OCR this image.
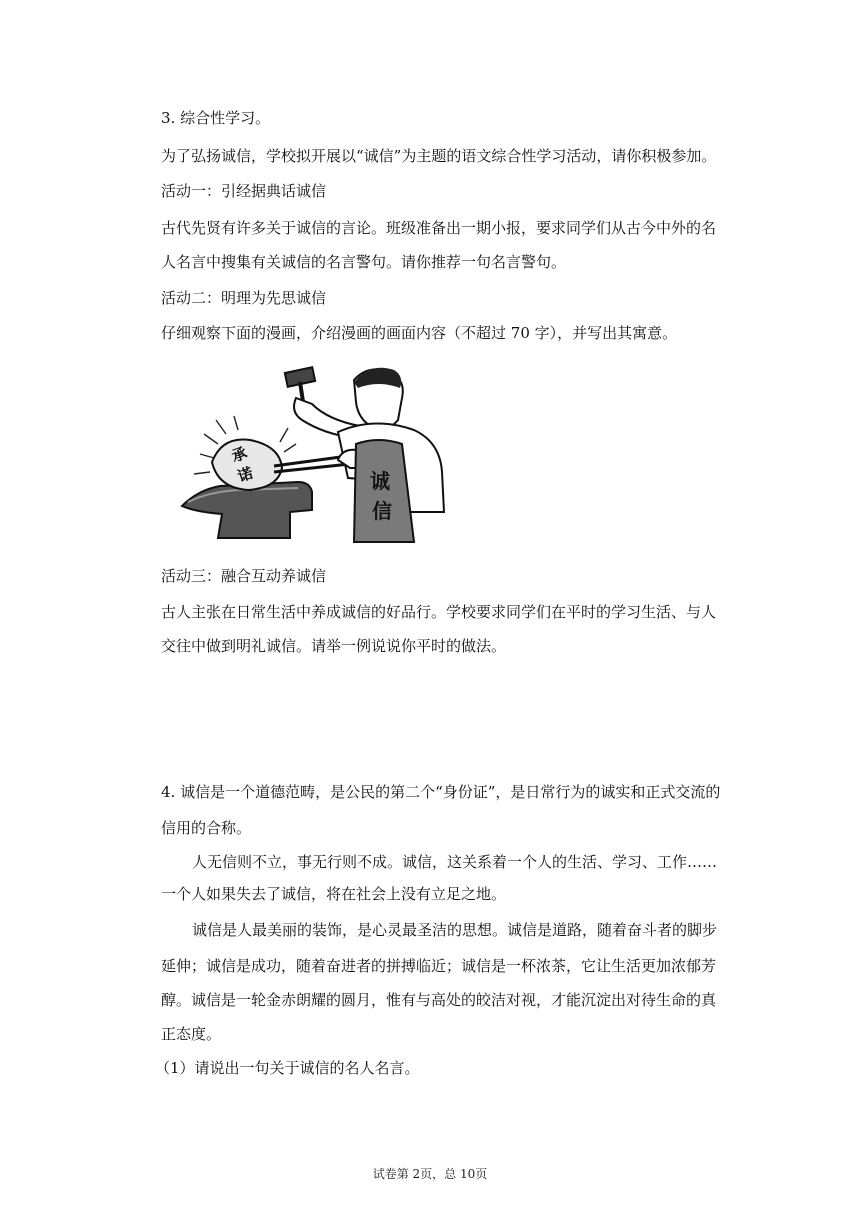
3. 综合性学习。
为了弘扬诚信，学校拟开展以“诚信”为主题的语文综合性学习活动，请你积极参加。
活动一：引经据典话诚信
古代先贤有许多关于诚信的言论。班级准备出一期小报，要求同学们从古今中外的名
人名言中搜集有关诚信的名言警句。请你推荐一句名言警句。
活动二：明理为先思诚信
仔细观察下面的漫画，介绍漫画的画面内容（不超过 70 字），并写出其寓意。
承
诺	诚
信
活动三：融合互动养诚信
古人主张在日常生活中养成诚信的好品行。学校要求同学们在平时的学习生活、与人
交往中做到明礼诚信。请举一例说说你平时的做法。
4. 诚信是一个道德范畴，是公民的第二个“身份证”，是日常行为的诚实和正式交流的
信用的合称。
人无信则不立，事无行则不成。诚信，这关系着一个人的生活、学习、工作……
一个人如果失去了诚信，将在社会上没有立足之地。
诚信是人最美丽的装饰，是心灵最圣洁的思想。诚信是道路，随着奋斗者的脚步
延伸；诚信是成功，随着奋进者的拼搏临近；诚信是一杯浓茶，它让生活更加浓郁芳
醇。诚信是一轮金赤朗耀的圆月，惟有与高处的皎洁对视，才能沉淀出对待生命的真
正态度。
（1）请说出一句关于诚信的名人名言。
试卷第 2页，总 10页
